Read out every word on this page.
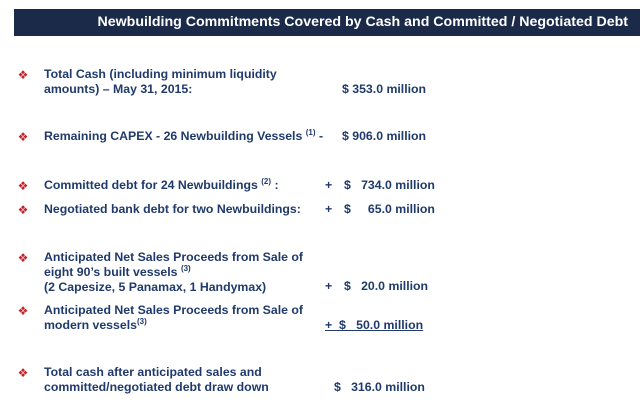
Newbuilding Commitments Covered by Cash and Committed / Negotiated Debt
❖ Total Cash (including minimum liquidity
amounts) – May 31, 2015:	$ 353.0 million
❖ Remaining CAPEX - 26 Newbuilding Vessels $^{(1)}$ - $ 906.0 million
❖ Committed debt for 24 Newbuildings $^{(2)}$ :	+ $   734.0 million
❖ Negotiated bank debt for two Newbuildings: + $     65.0 million
❖ Anticipated Net Sales Proceeds from Sale of
eight 90’s built vessels $^{(3)}$
(2 Capesize, 5 Panamax, 1 Handymax)	+ $   20.0 million
❖ Anticipated Net Sales Proceeds from Sale of
modern vessels$^{(3)}$	+ $   50.0 million
❖ Total cash after anticipated sales and
committed/negotiated debt draw down	$   316.0 million
